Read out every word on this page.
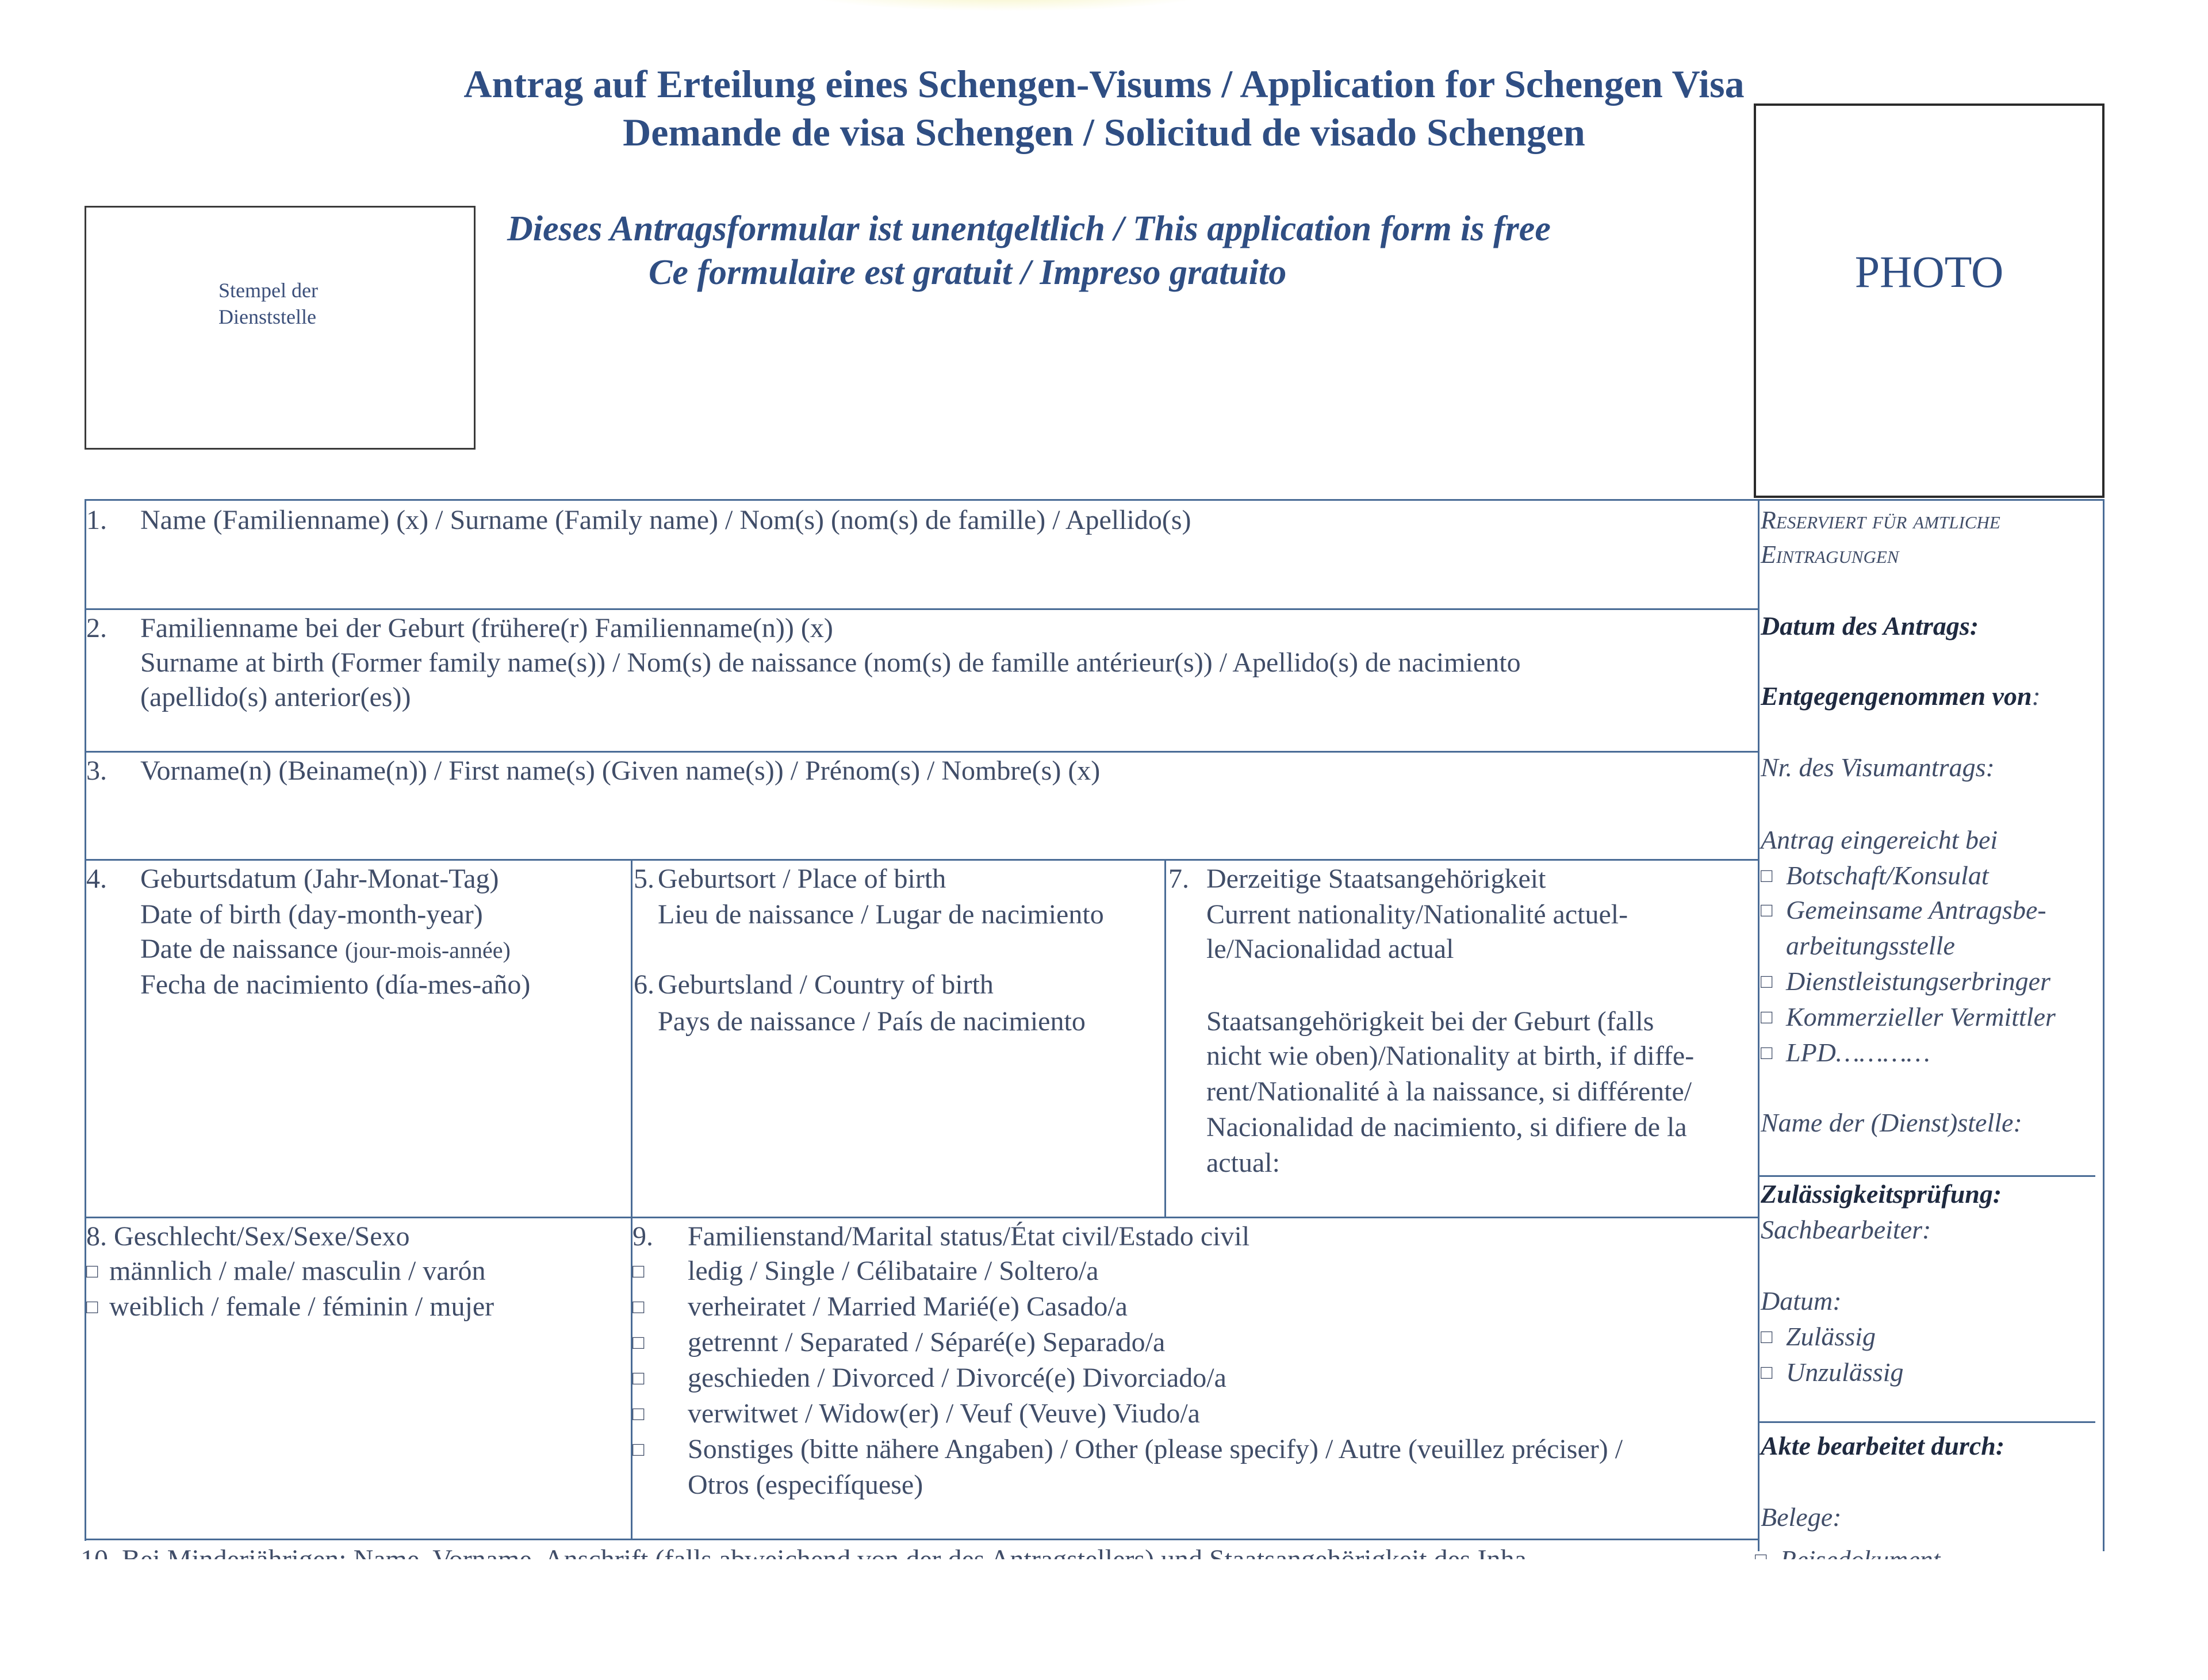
Antrag auf Erteilung eines Schengen-Visums / Application for Schengen Visa
Demande de visa Schengen / Solicitud de visado Schengen
Dieses Antragsformular ist unentgeltlich / This application form is free
Ce formulaire est gratuit / Impreso gratuito
Stempel der
Dienststelle
PHOTO
1. Name (Familienname) (x) / Surname (Family name) / Nom(s) (nom(s) de famille) / Apellido(s)
2. Familienname bei der Geburt (frühere(r) Familienname(n)) (x)
Surname at birth (Former family name(s)) / Nom(s) de naissance (nom(s) de famille antérieur(s)) / Apellido(s) de nacimiento
(apellido(s) anterior(es))
3. Vorname(n) (Beiname(n)) / First name(s) (Given name(s)) / Prénom(s) / Nombre(s) (x)
4. Geburtsdatum (Jahr-Monat-Tag)
Date of birth (day-month-year)
Date de naissance (jour-mois-année)
Fecha de nacimiento (día-mes-año)
5. Geburtsort / Place of birth
Lieu de naissance / Lugar de nacimiento
6. Geburtsland / Country of birth
Pays de naissance / País de nacimiento
7. Derzeitige Staatsangehörigkeit
Current nationality/Nationalité actuel-
le/Nacionalidad actual
Staatsangehörigkeit bei der Geburt (falls
nicht wie oben)/Nationality at birth, if diffe-
rent/Nationalité à la naissance, si différente/
Nacionalidad de nacimiento, si difiere de la
actual:
8. Geschlecht/Sex/Sexe/Sexo
□ männlich / male/ masculin / varón
□ weiblich / female / féminin / mujer
9. Familienstand/Marital status/État civil/Estado civil
□ ledig / Single / Célibataire / Soltero/a
□ verheiratet / Married Marié(e) Casado/a
□ getrennt / Separated / Séparé(e) Separado/a
□ geschieden / Divorced / Divorcé(e) Divorciado/a
□ verwitwet / Widow(er) / Veuf (Veuve) Viudo/a
□ Sonstiges (bitte nähere Angaben) / Other (please specify) / Autre (veuillez préciser) /
Otros (especifíquese)
Reserviert für amtliche
Eintragungen
Datum des Antrags:
Entgegengenommen von:
Nr. des Visumantrags:
Antrag eingereicht bei
□ Botschaft/Konsulat
□ Gemeinsame Antragsbe-
arbeitungsstelle
□ Dienstleistungserbringer
□ Kommerzieller Vermittler
□ LPD…………
Name der (Dienst)stelle:
Zulässigkeitsprüfung:
Sachbearbeiter:
Datum:
□ Zulässig
□ Unzulässig
Akte bearbeitet durch:
Belege:
